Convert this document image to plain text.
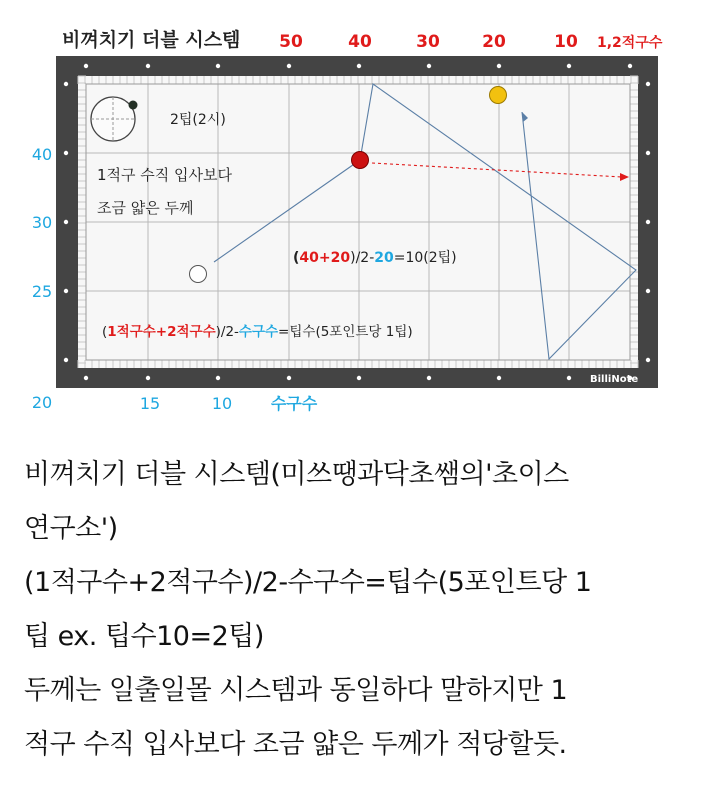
비껴치기 더블 시스템 50	40	30 20	10 1,2적구수
40
30
25
20	15	10 수구수
2팁(2시)
1적구 수직 입사보다
조금 얇은 두께
(40+20)/2-20=10(2팁)
(1적구수+2적구수)/2-수구수=팁수(5포인트당 1팁)
BilliNote

비껴치기 더블 시스템(미쓰땡과닥초쌤의'초이스

연구소')

(1적구수+2적구수)/2-수구수=팁수(5포인트당 1

팁 ex. 팁수10=2팁)

두께는 일출일몰 시스템과 동일하다 말하지만 1

적구 수직 입사보다 조금 얇은 두께가 적당할듯.
